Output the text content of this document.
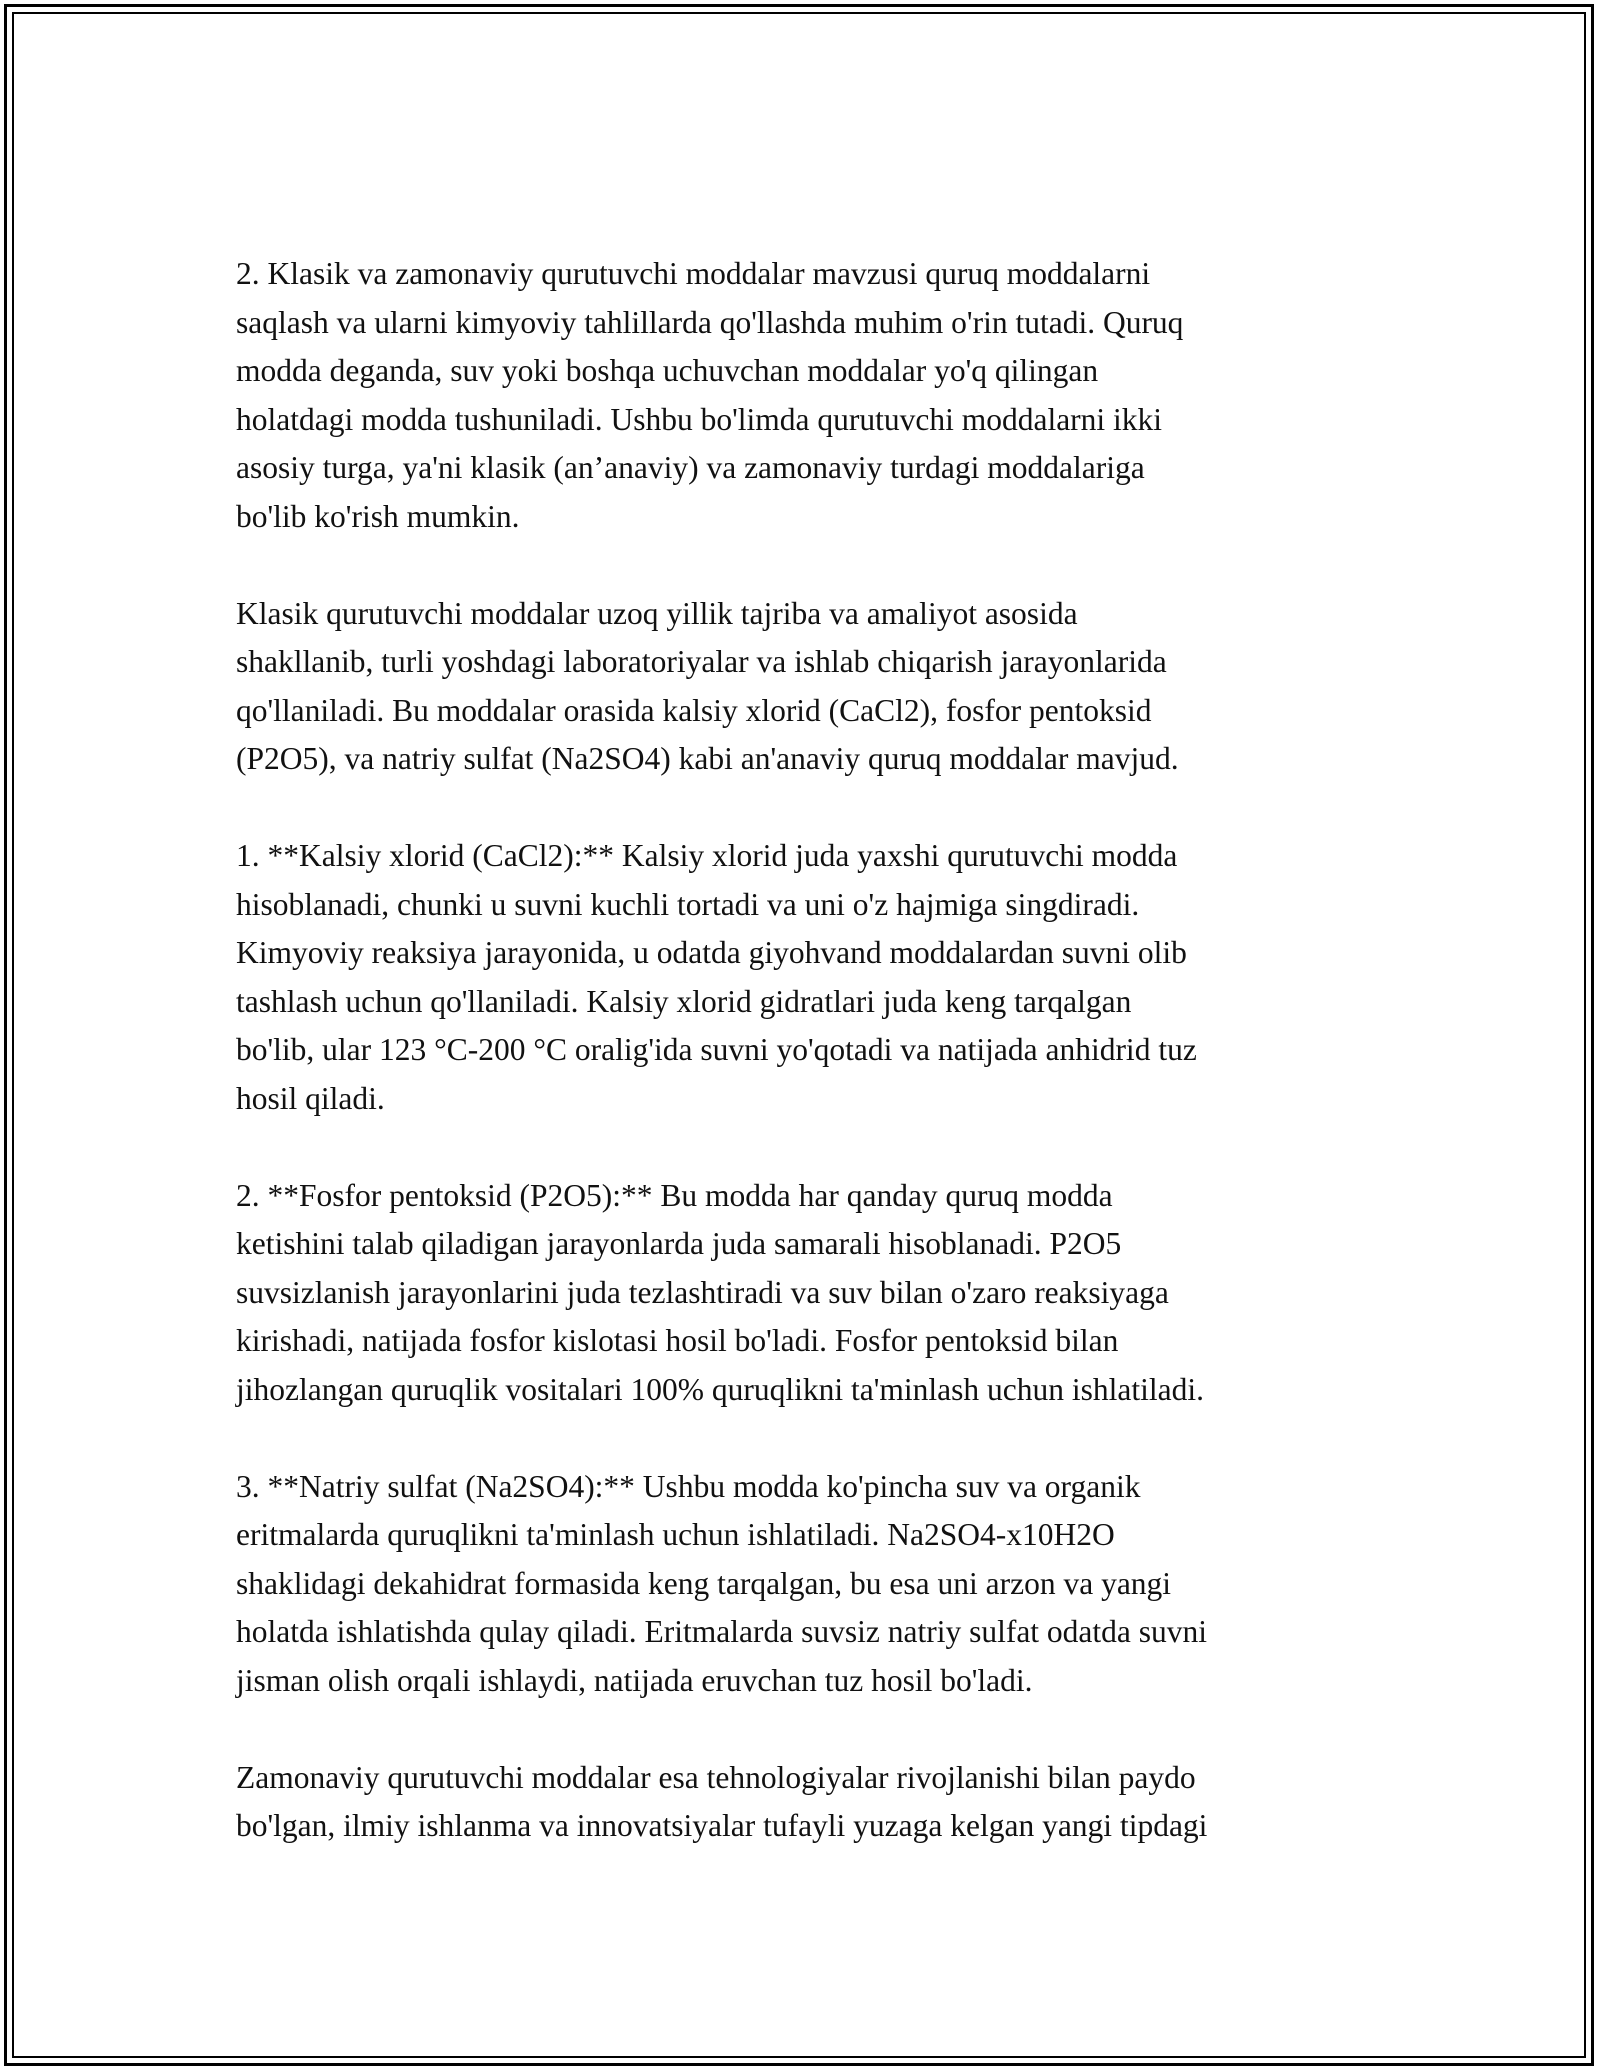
2. Klasik va zamonaviy qurutuvchi moddalar mavzusi quruq moddalarni
saqlash va ularni kimyoviy tahlillarda qo'llashda muhim o'rin tutadi. Quruq
modda deganda, suv yoki boshqa uchuvchan moddalar yo'q qilingan
holatdagi modda tushuniladi. Ushbu bo'limda qurutuvchi moddalarni ikki
asosiy turga, ya'ni klasik (an’anaviy) va zamonaviy turdagi moddalariga
bo'lib ko'rish mumkin.

Klasik qurutuvchi moddalar uzoq yillik tajriba va amaliyot asosida
shakllanib, turli yoshdagi laboratoriyalar va ishlab chiqarish jarayonlarida
qo'llaniladi. Bu moddalar orasida kalsiy xlorid (CaCl2), fosfor pentoksid
(P2O5), va natriy sulfat (Na2SO4) kabi an'anaviy quruq moddalar mavjud.

1. **Kalsiy xlorid (CaCl2):** Kalsiy xlorid juda yaxshi qurutuvchi modda
hisoblanadi, chunki u suvni kuchli tortadi va uni o'z hajmiga singdiradi.
Kimyoviy reaksiya jarayonida, u odatda giyohvand moddalardan suvni olib
tashlash uchun qo'llaniladi. Kalsiy xlorid gidratlari juda keng tarqalgan
bo'lib, ular 123 °C-200 °C oralig'ida suvni yo'qotadi va natijada anhidrid tuz
hosil qiladi.

2. **Fosfor pentoksid (P2O5):** Bu modda har qanday quruq modda
ketishini talab qiladigan jarayonlarda juda samarali hisoblanadi. P2O5
suvsizlanish jarayonlarini juda tezlashtiradi va suv bilan o'zaro reaksiyaga
kirishadi, natijada fosfor kislotasi hosil bo'ladi. Fosfor pentoksid bilan
jihozlangan quruqlik vositalari 100% quruqlikni ta'minlash uchun ishlatiladi.

3. **Natriy sulfat (Na2SO4):** Ushbu modda ko'pincha suv va organik
eritmalarda quruqlikni ta'minlash uchun ishlatiladi. Na2SO4-x10H2O
shaklidagi dekahidrat formasida keng tarqalgan, bu esa uni arzon va yangi
holatda ishlatishda qulay qiladi. Eritmalarda suvsiz natriy sulfat odatda suvni
jisman olish orqali ishlaydi, natijada eruvchan tuz hosil bo'ladi.

Zamonaviy qurutuvchi moddalar esa tehnologiyalar rivojlanishi bilan paydo
bo'lgan, ilmiy ishlanma va innovatsiyalar tufayli yuzaga kelgan yangi tipdagi
